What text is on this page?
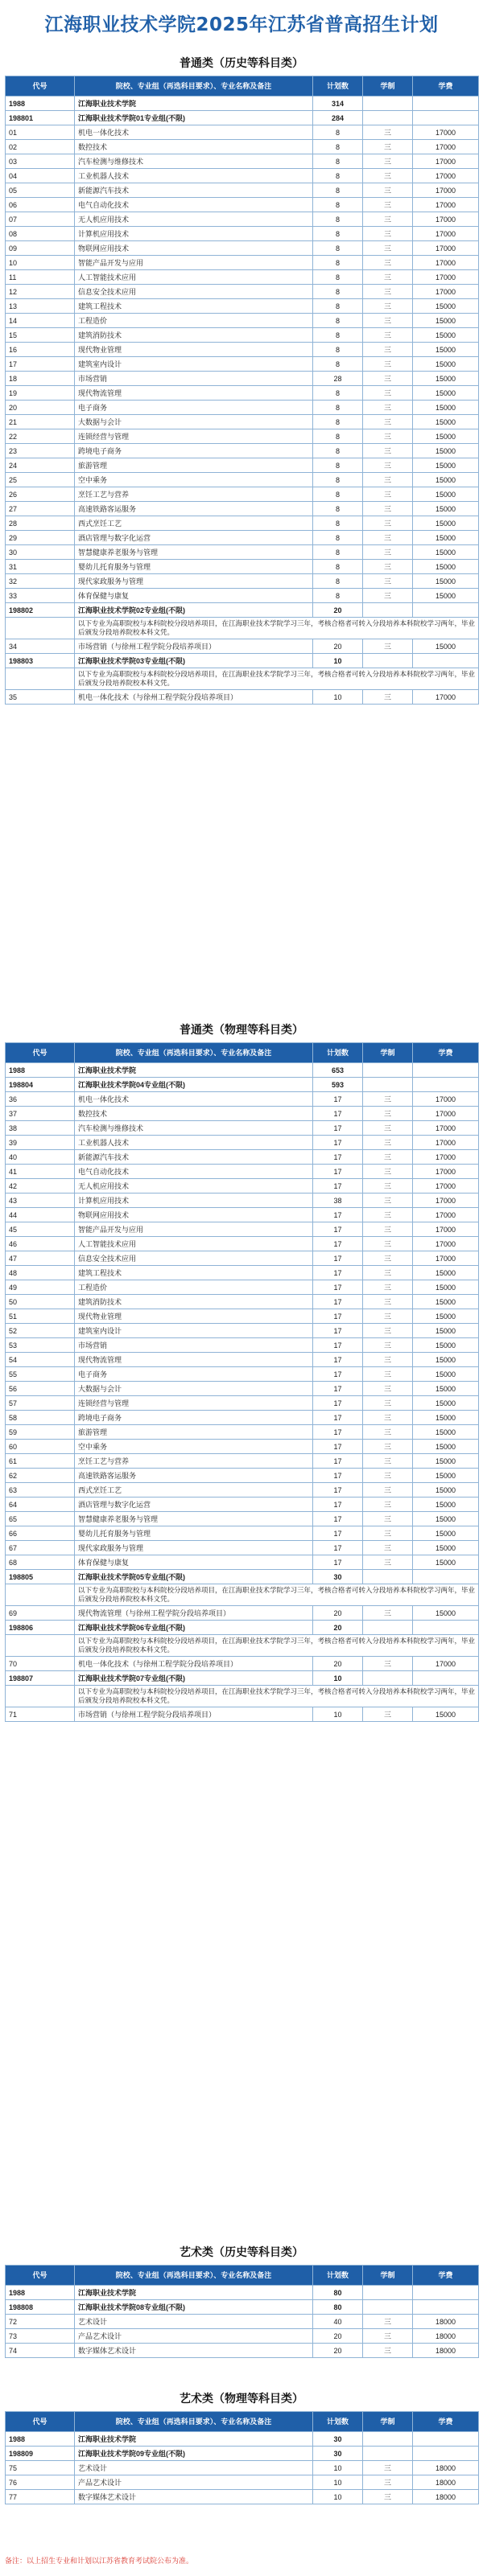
江海职业技术学院2025年江苏省普高招生计划
普通类（历史等科目类）
代号	院校、专业组（再选科目要求）、专业名称及备注	计划数	学制	学费
1988	江海职业技术学院	314		
198801	江海职业技术学院01专业组(不限)	284		
01	机电一体化技术	8	三	17000
02	数控技术	8	三	17000
03	汽车检测与维修技术	8	三	17000
04	工业机器人技术	8	三	17000
05	新能源汽车技术	8	三	17000
06	电气自动化技术	8	三	17000
07	无人机应用技术	8	三	17000
08	计算机应用技术	8	三	17000
09	物联网应用技术	8	三	17000
10	智能产品开发与应用	8	三	17000
11	人工智能技术应用	8	三	17000
12	信息安全技术应用	8	三	17000
13	建筑工程技术	8	三	15000
14	工程造价	8	三	15000
15	建筑消防技术	8	三	15000
16	现代物业管理	8	三	15000
17	建筑室内设计	8	三	15000
18	市场营销	28	三	15000
19	现代物流管理	8	三	15000
20	电子商务	8	三	15000
21	大数据与会计	8	三	15000
22	连锁经营与管理	8	三	15000
23	跨境电子商务	8	三	15000
24	旅游管理	8	三	15000
25	空中乘务	8	三	15000
26	烹饪工艺与营养	8	三	15000
27	高速铁路客运服务	8	三	15000
28	西式烹饪工艺	8	三	15000
29	酒店管理与数字化运营	8	三	15000
30	智慧健康养老服务与管理	8	三	15000
31	婴幼儿托育服务与管理	8	三	15000
32	现代家政服务与管理	8	三	15000
33	体育保健与康复	8	三	15000
198802	江海职业技术学院02专业组(不限)	20		
	以下专业为高职院校与本科院校分段培养项目，在江海职业技术学院学习三年，考核合格者可转入分段培养本科院校学习两年，毕业后颁发分段培养院校本科文凭。			
34	市场营销（与徐州工程学院分段培养项目）	20	三	15000
198803	江海职业技术学院03专业组(不限)	10		
	以下专业为高职院校与本科院校分段培养项目，在江海职业技术学院学习三年，考核合格者可转入分段培养本科院校学习两年，毕业后颁发分段培养院校本科文凭。			
35	机电一体化技术（与徐州工程学院分段培养项目）	10	三	17000
普通类（物理等科目类）
代号	院校、专业组（再选科目要求）、专业名称及备注	计划数	学制	学费
1988	江海职业技术学院	653		
198804	江海职业技术学院04专业组(不限)	593		
36	机电一体化技术	17	三	17000
37	数控技术	17	三	17000
38	汽车检测与维修技术	17	三	17000
39	工业机器人技术	17	三	17000
40	新能源汽车技术	17	三	17000
41	电气自动化技术	17	三	17000
42	无人机应用技术	17	三	17000
43	计算机应用技术	38	三	17000
44	物联网应用技术	17	三	17000
45	智能产品开发与应用	17	三	17000
46	人工智能技术应用	17	三	17000
47	信息安全技术应用	17	三	17000
48	建筑工程技术	17	三	15000
49	工程造价	17	三	15000
50	建筑消防技术	17	三	15000
51	现代物业管理	17	三	15000
52	建筑室内设计	17	三	15000
53	市场营销	17	三	15000
54	现代物流管理	17	三	15000
55	电子商务	17	三	15000
56	大数据与会计	17	三	15000
57	连锁经营与管理	17	三	15000
58	跨境电子商务	17	三	15000
59	旅游管理	17	三	15000
60	空中乘务	17	三	15000
61	烹饪工艺与营养	17	三	15000
62	高速铁路客运服务	17	三	15000
63	西式烹饪工艺	17	三	15000
64	酒店管理与数字化运营	17	三	15000
65	智慧健康养老服务与管理	17	三	15000
66	婴幼儿托育服务与管理	17	三	15000
67	现代家政服务与管理	17	三	15000
68	体育保健与康复	17	三	15000
198805	江海职业技术学院05专业组(不限)	30		
	以下专业为高职院校与本科院校分段培养项目，在江海职业技术学院学习三年，考核合格者可转入分段培养本科院校学习两年，毕业后颁发分段培养院校本科文凭。			
69	现代物流管理（与徐州工程学院分段培养项目）	20	三	15000
198806	江海职业技术学院06专业组(不限)	20		
	以下专业为高职院校与本科院校分段培养项目，在江海职业技术学院学习三年，考核合格者可转入分段培养本科院校学习两年，毕业后颁发分段培养院校本科文凭。			
70	机电一体化技术（与徐州工程学院分段培养项目）	20	三	17000
198807	江海职业技术学院07专业组(不限)	10		
	以下专业为高职院校与本科院校分段培养项目，在江海职业技术学院学习三年，考核合格者可转入分段培养本科院校学习两年，毕业后颁发分段培养院校本科文凭。			
71	市场营销（与徐州工程学院分段培养项目）	10	三	15000
艺术类（历史等科目类）
代号	院校、专业组（再选科目要求）、专业名称及备注	计划数	学制	学费
1988	江海职业技术学院	80		
198808	江海职业技术学院08专业组(不限)	80		
72	艺术设计	40	三	18000
73	产品艺术设计	20	三	18000
74	数字媒体艺术设计	20	三	18000
艺术类（物理等科目类）
代号	院校、专业组（再选科目要求）、专业名称及备注	计划数	学制	学费
1988	江海职业技术学院	30		
198809	江海职业技术学院09专业组(不限)	30		
75	艺术设计	10	三	18000
76	产品艺术设计	10	三	18000
77	数字媒体艺术设计	10	三	18000
备注：以上招生专业和计划以江苏省教育考试院公布为准。
